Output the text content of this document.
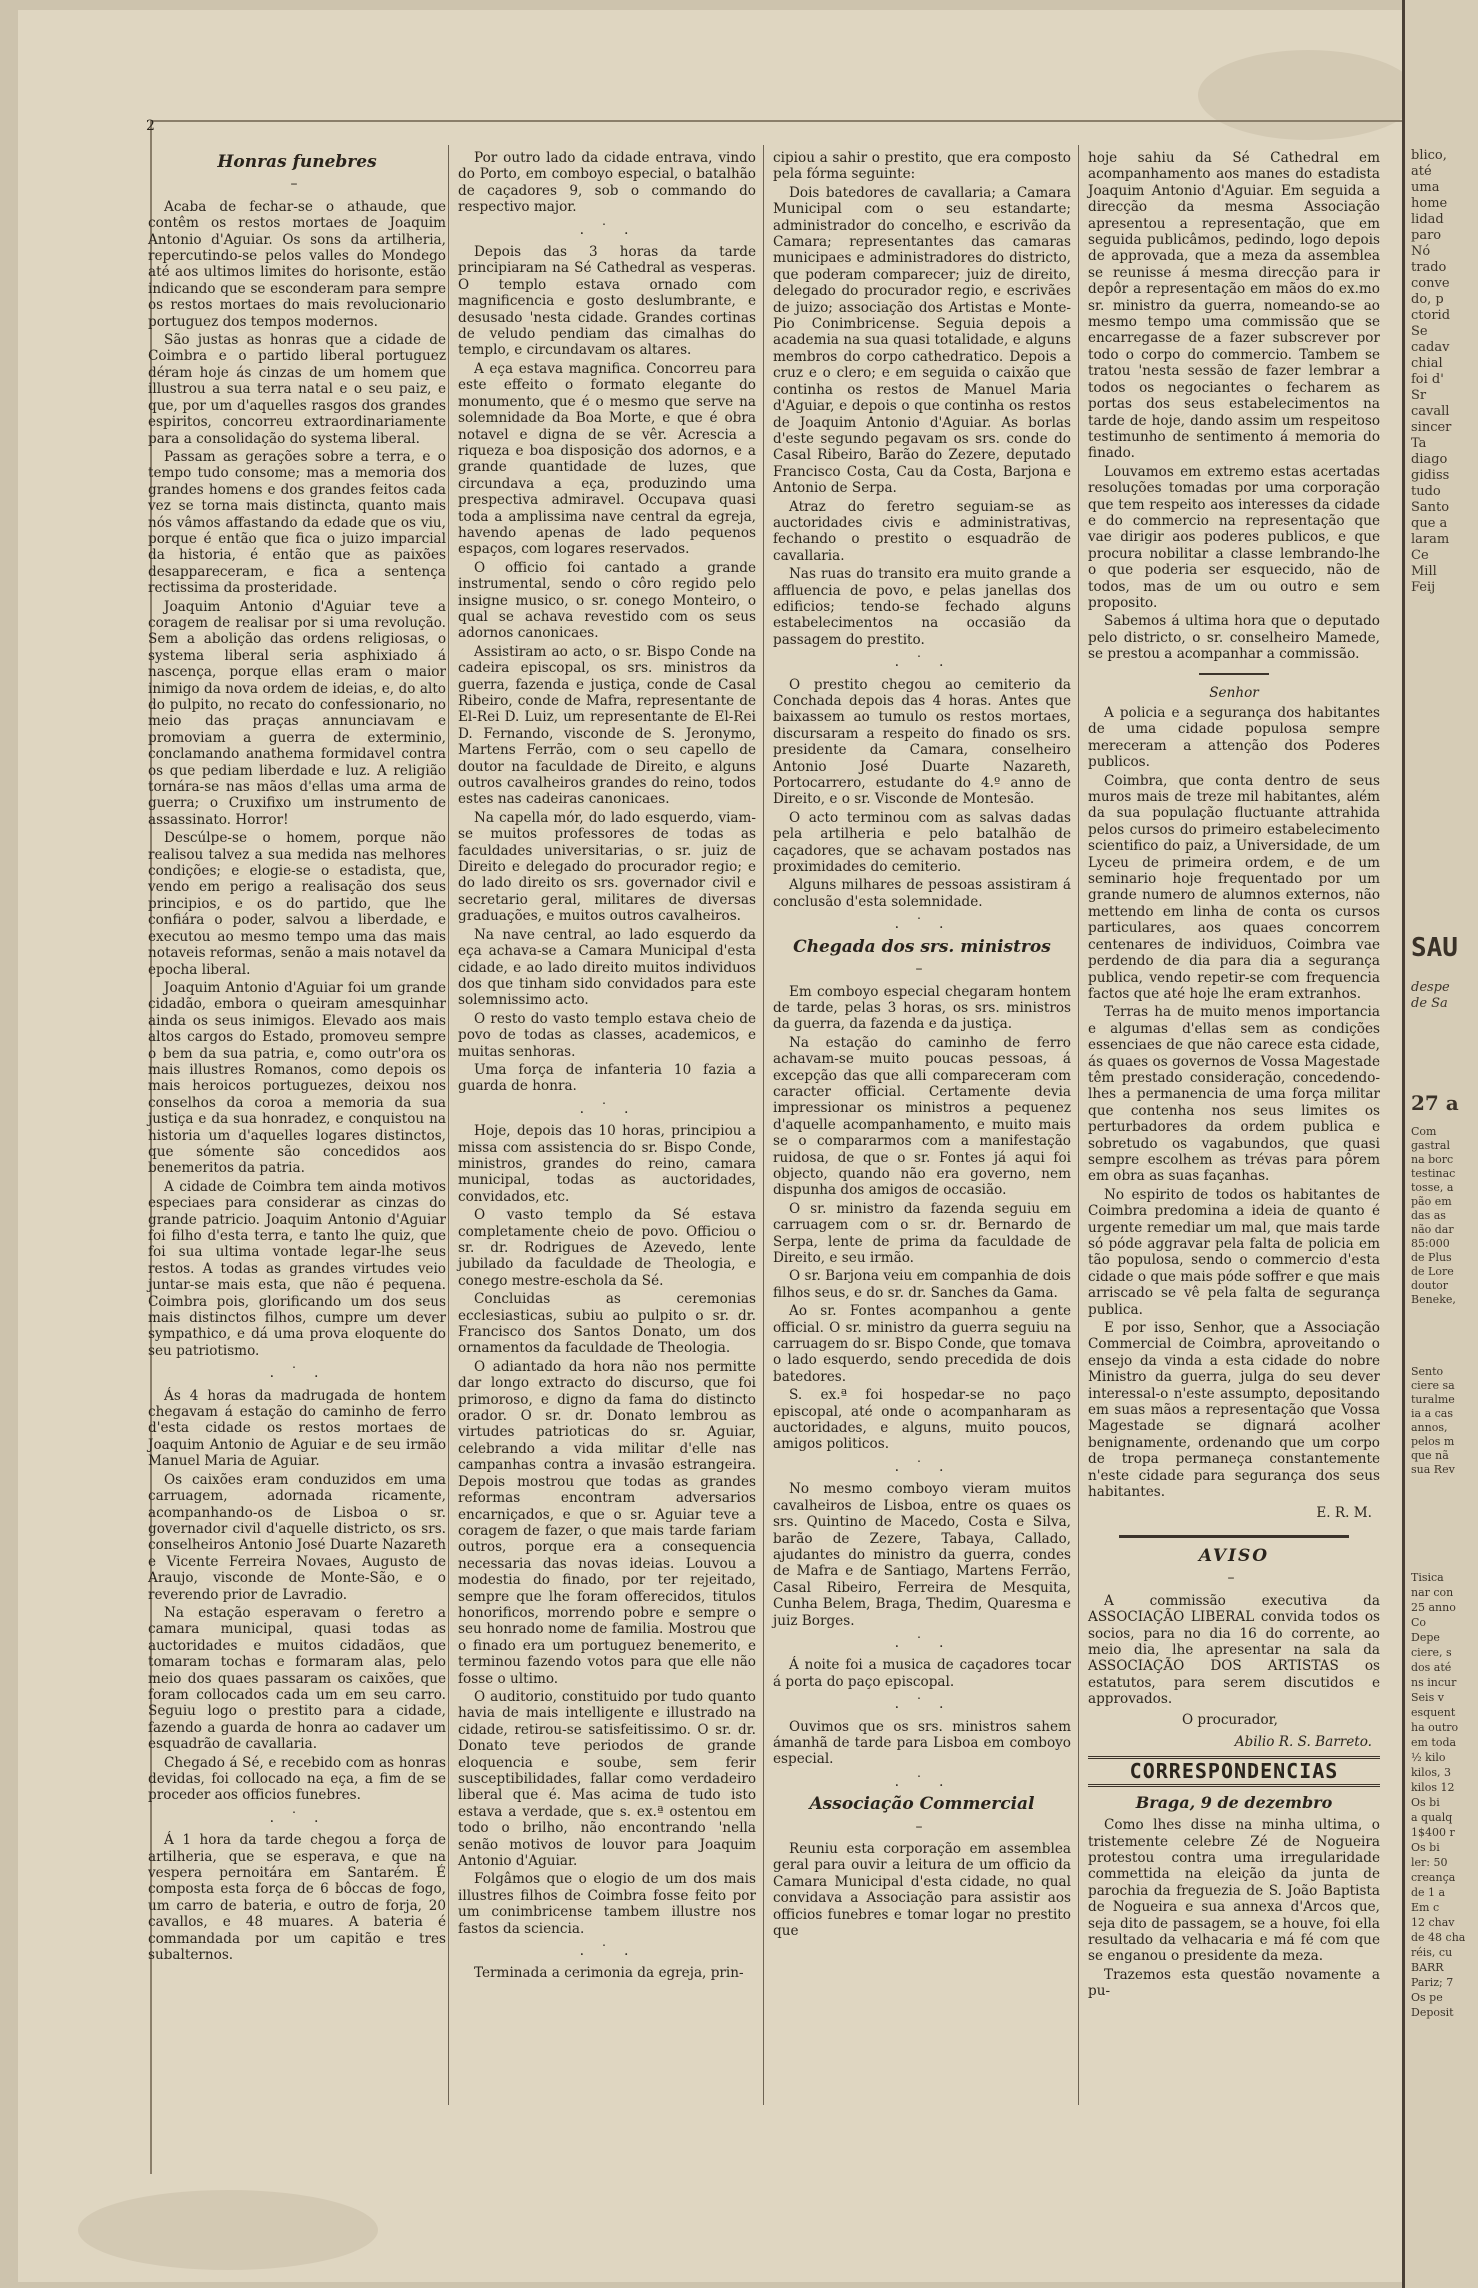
2
Honras funebres
–

Acaba de fechar-se o athaude, que contêm os restos mortaes de Joaquim Antonio d'Aguiar. Os sons da artilheria, repercutindo-se pelos valles do Mondego até aos ultimos limites do horisonte, estão indicando que se esconderam para sempre os restos mortaes do mais revolucionario portuguez dos tempos modernos.

São justas as honras que a cidade de Coimbra e o partido liberal portuguez déram hoje ás cinzas de um homem que illustrou a sua terra natal e o seu paiz, e que, por um d'aquelles rasgos dos grandes espiritos, concorreu extraordinariamente para a consolidação do systema liberal.

Passam as gerações sobre a terra, e o tempo tudo consome; mas a memoria dos grandes homens e dos grandes feitos cada vez se torna mais distincta, quanto mais nós vâmos affastando da edade que os viu, porque é então que fica o juizo imparcial da historia, é então que as paixões desappareceram, e fica a sentença rectissima da prosteridade.

Joaquim Antonio d'Aguiar teve a coragem de realisar por si uma revolução. Sem a abolição das ordens religiosas, o systema liberal seria asphixiado á nascença, porque ellas eram o maior inimigo da nova ordem de ideias, e, do alto do pulpito, no recato do confessionario, no meio das praças annunciavam e promoviam a guerra de exterminio, conclamando anathema formidavel contra os que pediam liberdade e luz. A religião tornára-se nas mãos d'ellas uma arma de guerra; o Cruxifixo um instrumento de assassinato. Horror!

Descúlpe-se o homem, porque não realisou talvez a sua medida nas melhores condições; e elogie-se o estadista, que, vendo em perigo a realisação dos seus principios, e os do partido, que lhe confiára o poder, salvou a liberdade, e executou ao mesmo tempo uma das mais notaveis reformas, senão a mais notavel da epocha liberal.

Joaquim Antonio d'Aguiar foi um grande cidadão, embora o queiram amesquinhar ainda os seus inimigos. Elevado aos mais altos cargos do Estado, promoveu sempre o bem da sua patria, e, como outr'ora os mais illustres Romanos, como depois os mais heroicos portuguezes, deixou nos conselhos da coroa a memoria da sua justiça e da sua honradez, e conquistou na historia um d'aquelles logares distinctos, que sómente são concedidos aos benemeritos da patria.

A cidade de Coimbra tem ainda motivos especiaes para considerar as cinzas do grande patricio. Joaquim Antonio d'Aguiar foi filho d'esta terra, e tanto lhe quiz, que foi sua ultima vontade legar-lhe seus restos. A todas as grandes virtudes veio juntar-se mais esta, que não é pequena. Coimbra pois, glorificando um dos seus mais distinctos filhos, cumpre um dever sympathico, e dá uma prova eloquente do seu patriotismo.

. ˙ .

Ás 4 horas da madrugada de hontem chegavam á estação do caminho de ferro d'esta cidade os restos mortaes de Joaquim Antonio de Aguiar e de seu irmão Manuel Maria de Aguiar.

Os caixões eram conduzidos em uma carruagem, adornada ricamente, acompanhando-os de Lisboa o sr. governador civil d'aquelle districto, os srs. conselheiros Antonio José Duarte Nazareth e Vicente Ferreira Novaes, Augusto de Araujo, visconde de Monte-São, e o reverendo prior de Lavradio.

Na estação esperavam o feretro a camara municipal, quasi todas as auctoridades e muitos cidadãos, que tomaram tochas e formaram alas, pelo meio dos quaes passaram os caixões, que foram collocados cada um em seu carro. Seguiu logo o prestito para a cidade, fazendo a guarda de honra ao cadaver um esquadrão de cavallaria.

Chegado á Sé, e recebido com as honras devidas, foi collocado na eça, a fim de se proceder aos officios funebres.

. ˙ .

Á 1 hora da tarde chegou a força de artilheria, que se esperava, e que na vespera pernoitára em Santarém. É composta esta força de 6 bôccas de fogo, um carro de bateria, e outro de forja, 20 cavallos, e 48 muares. A bateria é commandada por um capitão e tres subalternos.

Por outro lado da cidade entrava, vindo do Porto, em comboyo especial, o batalhão de caçadores 9, sob o commando do respectivo major.

. ˙ .

Depois das 3 horas da tarde principiaram na Sé Cathedral as vesperas. O templo estava ornado com magnificencia e gosto deslumbrante, e desusado 'nesta cidade. Grandes cortinas de veludo pendiam das cimalhas do templo, e circundavam os altares.

A eça estava magnifica. Concorreu para este effeito o formato elegante do monumento, que é o mesmo que serve na solemnidade da Boa Morte, e que é obra notavel e digna de se vêr. Acrescia a riqueza e boa disposição dos adornos, e a grande quantidade de luzes, que circundava a eça, produzindo uma prespectiva admiravel. Occupava quasi toda a amplissima nave central da egreja, havendo apenas de lado pequenos espaços, com logares reservados.

O officio foi cantado a grande instrumental, sendo o côro regido pelo insigne musico, o sr. conego Monteiro, o qual se achava revestido com os seus adornos canonicaes.

Assistiram ao acto, o sr. Bispo Conde na cadeira episcopal, os srs. ministros da guerra, fazenda e justiça, conde de Casal Ribeiro, conde de Mafra, representante de El-Rei D. Luiz, um representante de El-Rei D. Fernando, visconde de S. Jeronymo, Martens Ferrão, com o seu capello de doutor na faculdade de Direito, e alguns outros cavalheiros grandes do reino, todos estes nas cadeiras canonicaes.

Na capella mór, do lado esquerdo, viam-se muitos professores de todas as faculdades universitarias, o sr. juiz de Direito e delegado do procurador regio; e do lado direito os srs. governador civil e secretario geral, militares de diversas graduações, e muitos outros cavalheiros.

Na nave central, ao lado esquerdo da eça achava-se a Camara Municipal d'esta cidade, e ao lado direito muitos individuos dos que tinham sido convidados para este solemnissimo acto.

O resto do vasto templo estava cheio de povo de todas as classes, academicos, e muitas senhoras.

Uma força de infanteria 10 fazia a guarda de honra.

. ˙ .

Hoje, depois das 10 horas, principiou a missa com assistencia do sr. Bispo Conde, ministros, grandes do reino, camara municipal, todas as auctoridades, convidados, etc.

O vasto templo da Sé estava completamente cheio de povo. Officiou o sr. dr. Rodrigues de Azevedo, lente jubilado da faculdade de Theologia, e conego mestre-eschola da Sé.

Concluidas as ceremonias ecclesiasticas, subiu ao pulpito o sr. dr. Francisco dos Santos Donato, um dos ornamentos da faculdade de Theologia.

O adiantado da hora não nos permitte dar longo extracto do discurso, que foi primoroso, e digno da fama do distincto orador. O sr. dr. Donato lembrou as virtudes patrioticas do sr. Aguiar, celebrando a vida militar d'elle nas campanhas contra a invasão estrangeira. Depois mostrou que todas as grandes reformas encontram adversarios encarniçados, e que o sr. Aguiar teve a coragem de fazer, o que mais tarde fariam outros, porque era a consequencia necessaria das novas ideias. Louvou a modestia do finado, por ter rejeitado, sempre que lhe foram offerecidos, titulos honorificos, morrendo pobre e sempre o seu honrado nome de familia. Mostrou que o finado era um portuguez benemerito, e terminou fazendo votos para que elle não fosse o ultimo.

O auditorio, constituido por tudo quanto havia de mais intelligente e illustrado na cidade, retirou-se satisfeitissimo. O sr. dr. Donato teve periodos de grande eloquencia e soube, sem ferir susceptibilidades, fallar como verdadeiro liberal que é. Mas acima de tudo isto estava a verdade, que s. ex.ª ostentou em todo o brilho, não encontrando 'nella senão motivos de louvor para Joaquim Antonio d'Aguiar.

Folgâmos que o elogio de um dos mais illustres filhos de Coimbra fosse feito por um conimbricense tambem illustre nos fastos da sciencia.

. ˙ .

Terminada a cerimonia da egreja, prin-

cipiou a sahir o prestito, que era composto pela fórma seguinte:

Dois batedores de cavallaria; a Camara Municipal com o seu estandarte; administrador do concelho, e escrivão da Camara; representantes das camaras municipaes e administradores do districto, que poderam comparecer; juiz de direito, delegado do procurador regio, e escrivães de juizo; associação dos Artistas e Monte-Pio Conimbricense. Seguia depois a academia na sua quasi totalidade, e alguns membros do corpo cathedratico. Depois a cruz e o clero; e em seguida o caixão que continha os restos de Manuel Maria d'Aguiar, e depois o que continha os restos de Joaquim Antonio d'Aguiar. As borlas d'este segundo pegavam os srs. conde do Casal Ribeiro, Barão do Zezere, deputado Francisco Costa, Cau da Costa, Barjona e Antonio de Serpa.

Atraz do feretro seguiam-se as auctoridades civis e administrativas, fechando o prestito o esquadrão de cavallaria.

Nas ruas do transito era muito grande a affluencia de povo, e pelas janellas dos edificios; tendo-se fechado alguns estabelecimentos na occasião da passagem do prestito.

. ˙ .

O prestito chegou ao cemiterio da Conchada depois das 4 horas. Antes que baixassem ao tumulo os restos mortaes, discursaram a respeito do finado os srs. presidente da Camara, conselheiro Antonio José Duarte Nazareth, Portocarrero, estudante do 4.º anno de Direito, e o sr. Visconde de Montesão.

O acto terminou com as salvas dadas pela artilheria e pelo batalhão de caçadores, que se achavam postados nas proximidades do cemiterio.

Alguns milhares de pessoas assistiram á conclusão d'esta solemnidade.

. ˙ .
Chegada dos srs. ministros
–

Em comboyo especial chegaram hontem de tarde, pelas 3 horas, os srs. ministros da guerra, da fazenda e da justiça.

Na estação do caminho de ferro achavam-se muito poucas pessoas, á excepção das que alli compareceram com caracter official. Certamente devia impressionar os ministros a pequenez d'aquelle acompanhamento, e muito mais se o compararmos com a manifestação ruidosa, de que o sr. Fontes já aqui foi objecto, quando não era governo, nem dispunha dos amigos de occasião.

O sr. ministro da fazenda seguiu em carruagem com o sr. dr. Bernardo de Serpa, lente de prima da faculdade de Direito, e seu irmão.

O sr. Barjona veiu em companhia de dois filhos seus, e do sr. dr. Sanches da Gama.

Ao sr. Fontes acompanhou a gente official. O sr. ministro da guerra seguiu na carruagem do sr. Bispo Conde, que tomava o lado esquerdo, sendo precedida de dois batedores.

S. ex.ª foi hospedar-se no paço episcopal, até onde o acompanharam as auctoridades, e alguns, muito poucos, amigos politicos.

. ˙ .

No mesmo comboyo vieram muitos cavalheiros de Lisboa, entre os quaes os srs. Quintino de Macedo, Costa e Silva, barão de Zezere, Tabaya, Callado, ajudantes do ministro da guerra, condes de Mafra e de Santiago, Martens Ferrão, Casal Ribeiro, Ferreira de Mesquita, Cunha Belem, Braga, Thedim, Quaresma e juiz Borges.

. ˙ .

Á noite foi a musica de caçadores tocar á porta do paço episcopal.

. ˙ .

Ouvimos que os srs. ministros sahem ámanhã de tarde para Lisboa em comboyo especial.

. ˙ .
Associação Commercial
–

Reuniu esta corporação em assemblea geral para ouvir a leitura de um officio da Camara Municipal d'esta cidade, no qual convidava a Associação para assistir aos officios funebres e tomar logar no prestito que

hoje sahiu da Sé Cathedral em acompanhamento aos manes do estadista Joaquim Antonio d'Aguiar. Em seguida a direcção da mesma Associação apresentou a representação, que em seguida publicâmos, pedindo, logo depois de approvada, que a meza da assemblea se reunisse á mesma direcção para ir depôr a representação em mãos do ex.mo sr. ministro da guerra, nomeando-se ao mesmo tempo uma commissão que se encarregasse de a fazer subscrever por todo o corpo do commercio. Tambem se tratou 'nesta sessão de fazer lembrar a todos os negociantes o fecharem as portas dos seus estabelecimentos na tarde de hoje, dando assim um respeitoso testimunho de sentimento á memoria do finado.

Louvamos em extremo estas acertadas resoluções tomadas por uma corporação que tem respeito aos interesses da cidade e do commercio na representação que vae dirigir aos poderes publicos, e que procura nobilitar a classe lembrando-lhe o que poderia ser esquecido, não de todos, mas de um ou outro e sem proposito.

Sabemos á ultima hora que o deputado pelo districto, o sr. conselheiro Mamede, se prestou a acompanhar a commissão.

Senhor

A policia e a segurança dos habitantes de uma cidade populosa sempre mereceram a attenção dos Poderes publicos.

Coimbra, que conta dentro de seus muros mais de treze mil habitantes, além da sua população fluctuante attrahida pelos cursos do primeiro estabelecimento scientifico do paiz, a Universidade, de um Lyceu de primeira ordem, e de um seminario hoje frequentado por um grande numero de alumnos externos, não mettendo em linha de conta os cursos particulares, aos quaes concorrem centenares de individuos, Coimbra vae perdendo de dia para dia a segurança publica, vendo repetir-se com frequencia factos que até hoje lhe eram extranhos.

Terras ha de muito menos importancia e algumas d'ellas sem as condições essenciaes de que não carece esta cidade, ás quaes os governos de Vossa Magestade têm prestado consideração, concedendo-lhes a permanencia de uma força militar que contenha nos seus limites os perturbadores da ordem publica e sobretudo os vagabundos, que quasi sempre escolhem as trévas para pôrem em obra as suas façanhas.

No espirito de todos os habitantes de Coimbra predomina a ideia de quanto é urgente remediar um mal, que mais tarde só póde aggravar pela falta de policia em tão populosa, sendo o commercio d'esta cidade o que mais póde soffrer e que mais arriscado se vê pela falta de segurança publica.

E por isso, Senhor, que a Associação Commercial de Coimbra, aproveitando o ensejo da vinda a esta cidade do nobre Ministro da guerra, julga do seu dever interessal-o n'este assumpto, depositando em suas mãos a representação que Vossa Magestade se dignará acolher benignamente, ordenando que um corpo de tropa permaneça constantemente n'este cidade para segurança dos seus habitantes.

E. R. M.
AVISO
–

A commissão executiva da ASSOCIAÇÃO LIBERAL convida todos os socios, para no dia 16 do corrente, ao meio dia, lhe apresentar na sala da ASSOCIAÇÃO DOS ARTISTAS os estatutos, para serem discutidos e approvados.

O procurador,
Abilio R. S. Barreto.
CORRESPONDENCIAS
Braga, 9 de dezembro

Como lhes disse na minha ultima, o tristemente celebre Zé de Nogueira protestou contra uma irregularidade commettida na eleição da junta de parochia da freguezia de S. João Baptista de Nogueira e sua annexa d'Arcos que, seja dito de passagem, se a houve, foi ella resultado da velhacaria e má fé com que se enganou o presidente da meza.

Trazemos esta questão novamente a pu-

blico,
até
uma
home
lidad
paro
Nó
trado
conve
do, p
ctorid
Se
cadav
chial
foi d'
Sr
cavall
sincer
Ta
diago
gidiss
tudo
Santo
que a
laram
Ce
Mill
Feij
SAU
despe
de Sa
27 a
Com
gastral
na borc
testinac
tosse, a
pão em
das as
não dar
85:000
de Plus
de Lore
doutor
Beneke,
Sento
ciere sa
turalme
ia a cas
annos,
pelos m
que nã
sua Rev
Tisica
nar con
25 anno
Co
Depe
ciere, s
dos até
ns incur
Seis v
esquent
ha outro
em toda
½ kilo
kilos, 3
kilos 12
Os bi
a qualq
1$400 r
Os bi
ler: 50
creança
de 1 a
Em c
12 chav
de 48 cha
réis, cu
BARR
Pariz; 7
Os pe
Deposit
